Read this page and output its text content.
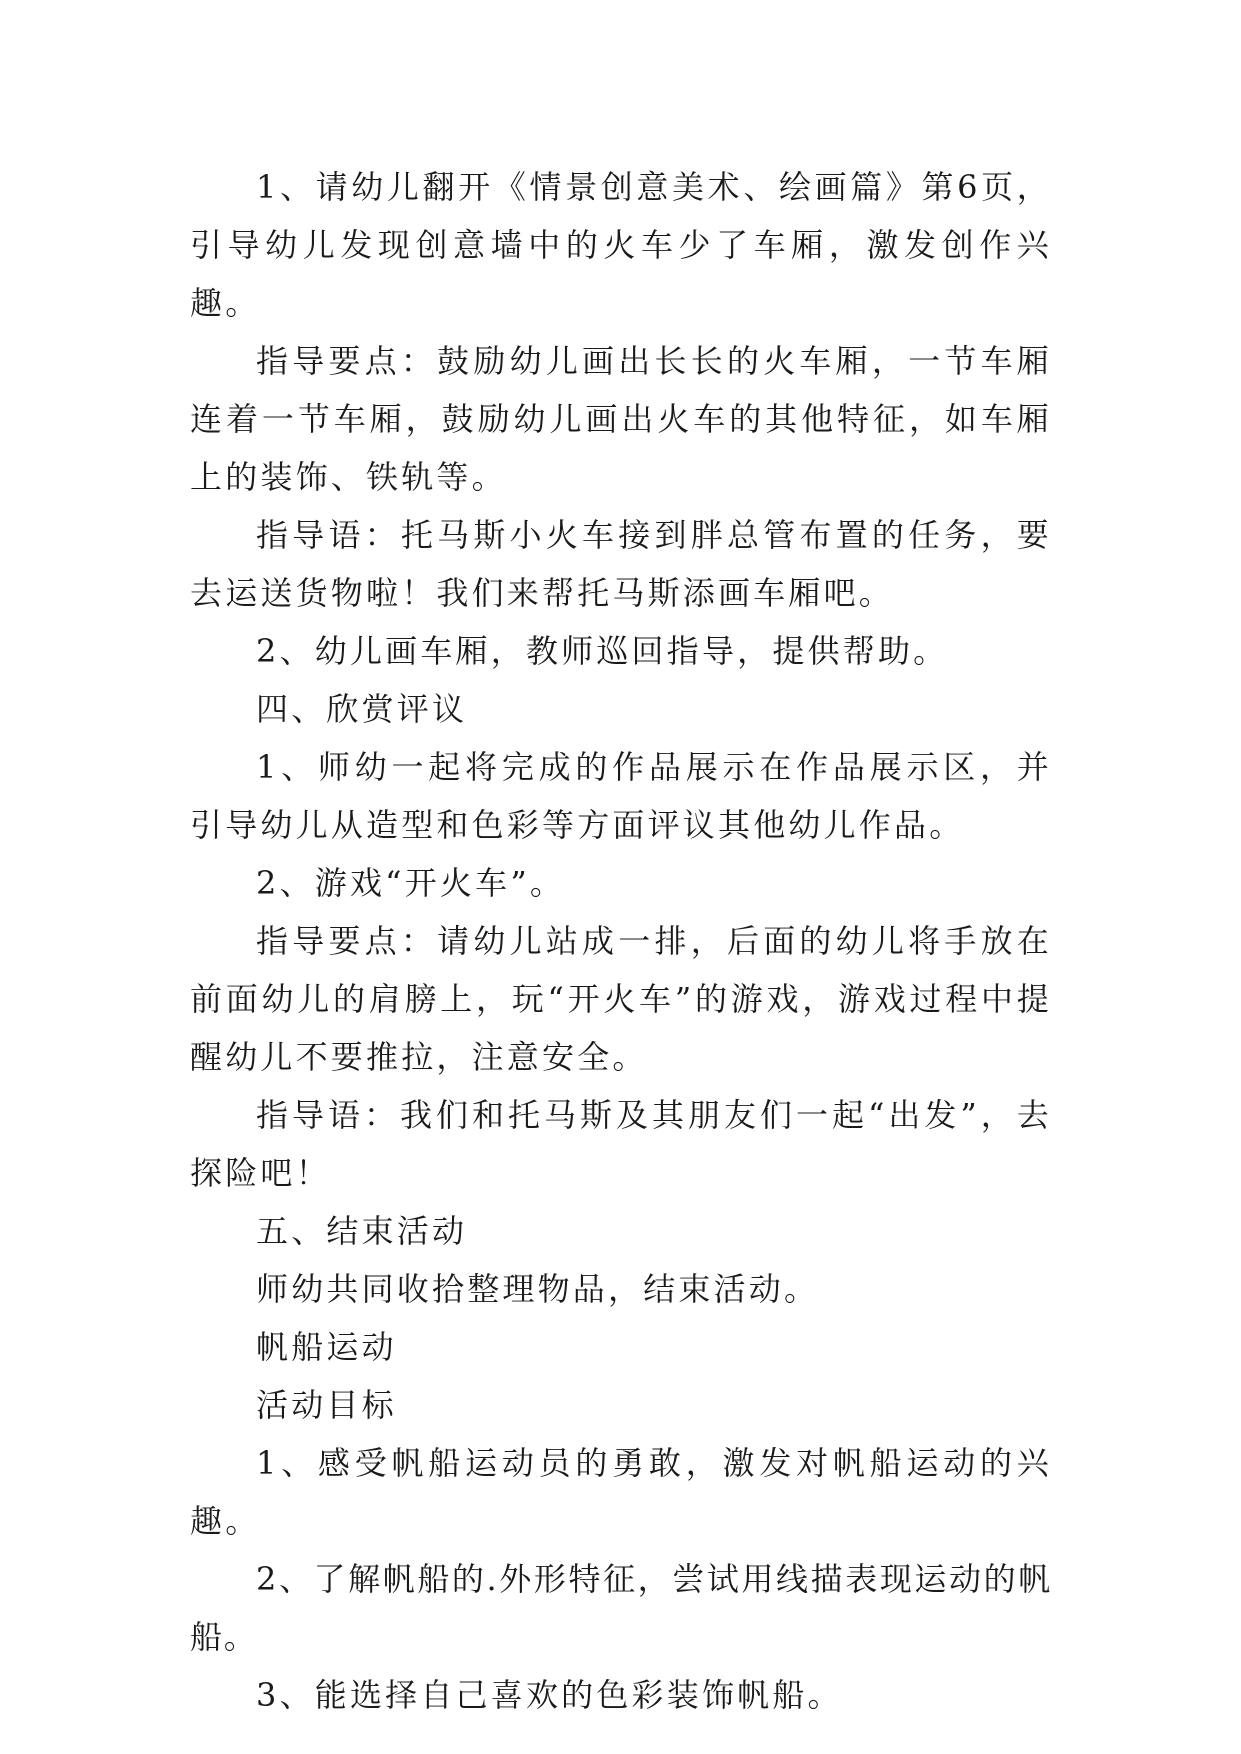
1、请幼儿翻开《情景创意美术、绘画篇》第6页，引导幼儿发现创意墙中的火车少了车厢，激发创作兴趣。

指导要点：鼓励幼儿画出长长的火车厢，一节车厢连着一节车厢，鼓励幼儿画出火车的其他特征，如车厢上的装饰、铁轨等。

指导语：托马斯小火车接到胖总管布置的任务，要去运送货物啦！我们来帮托马斯添画车厢吧。

2、幼儿画车厢，教师巡回指导，提供帮助。

四、欣赏评议

1、师幼一起将完成的作品展示在作品展示区，并引导幼儿从造型和色彩等方面评议其他幼儿作品。

2、游戏“开火车”。

指导要点：请幼儿站成一排，后面的幼儿将手放在前面幼儿的肩膀上，玩“开火车”的游戏，游戏过程中提醒幼儿不要推拉，注意安全。

指导语：我们和托马斯及其朋友们一起“出发”，去探险吧！

五、结束活动

师幼共同收拾整理物品，结束活动。

帆船运动

活动目标

1、感受帆船运动员的勇敢，激发对帆船运动的兴趣。

2、了解帆船的.外形特征，尝试用线描表现运动的帆船。

3、能选择自己喜欢的色彩装饰帆船。
